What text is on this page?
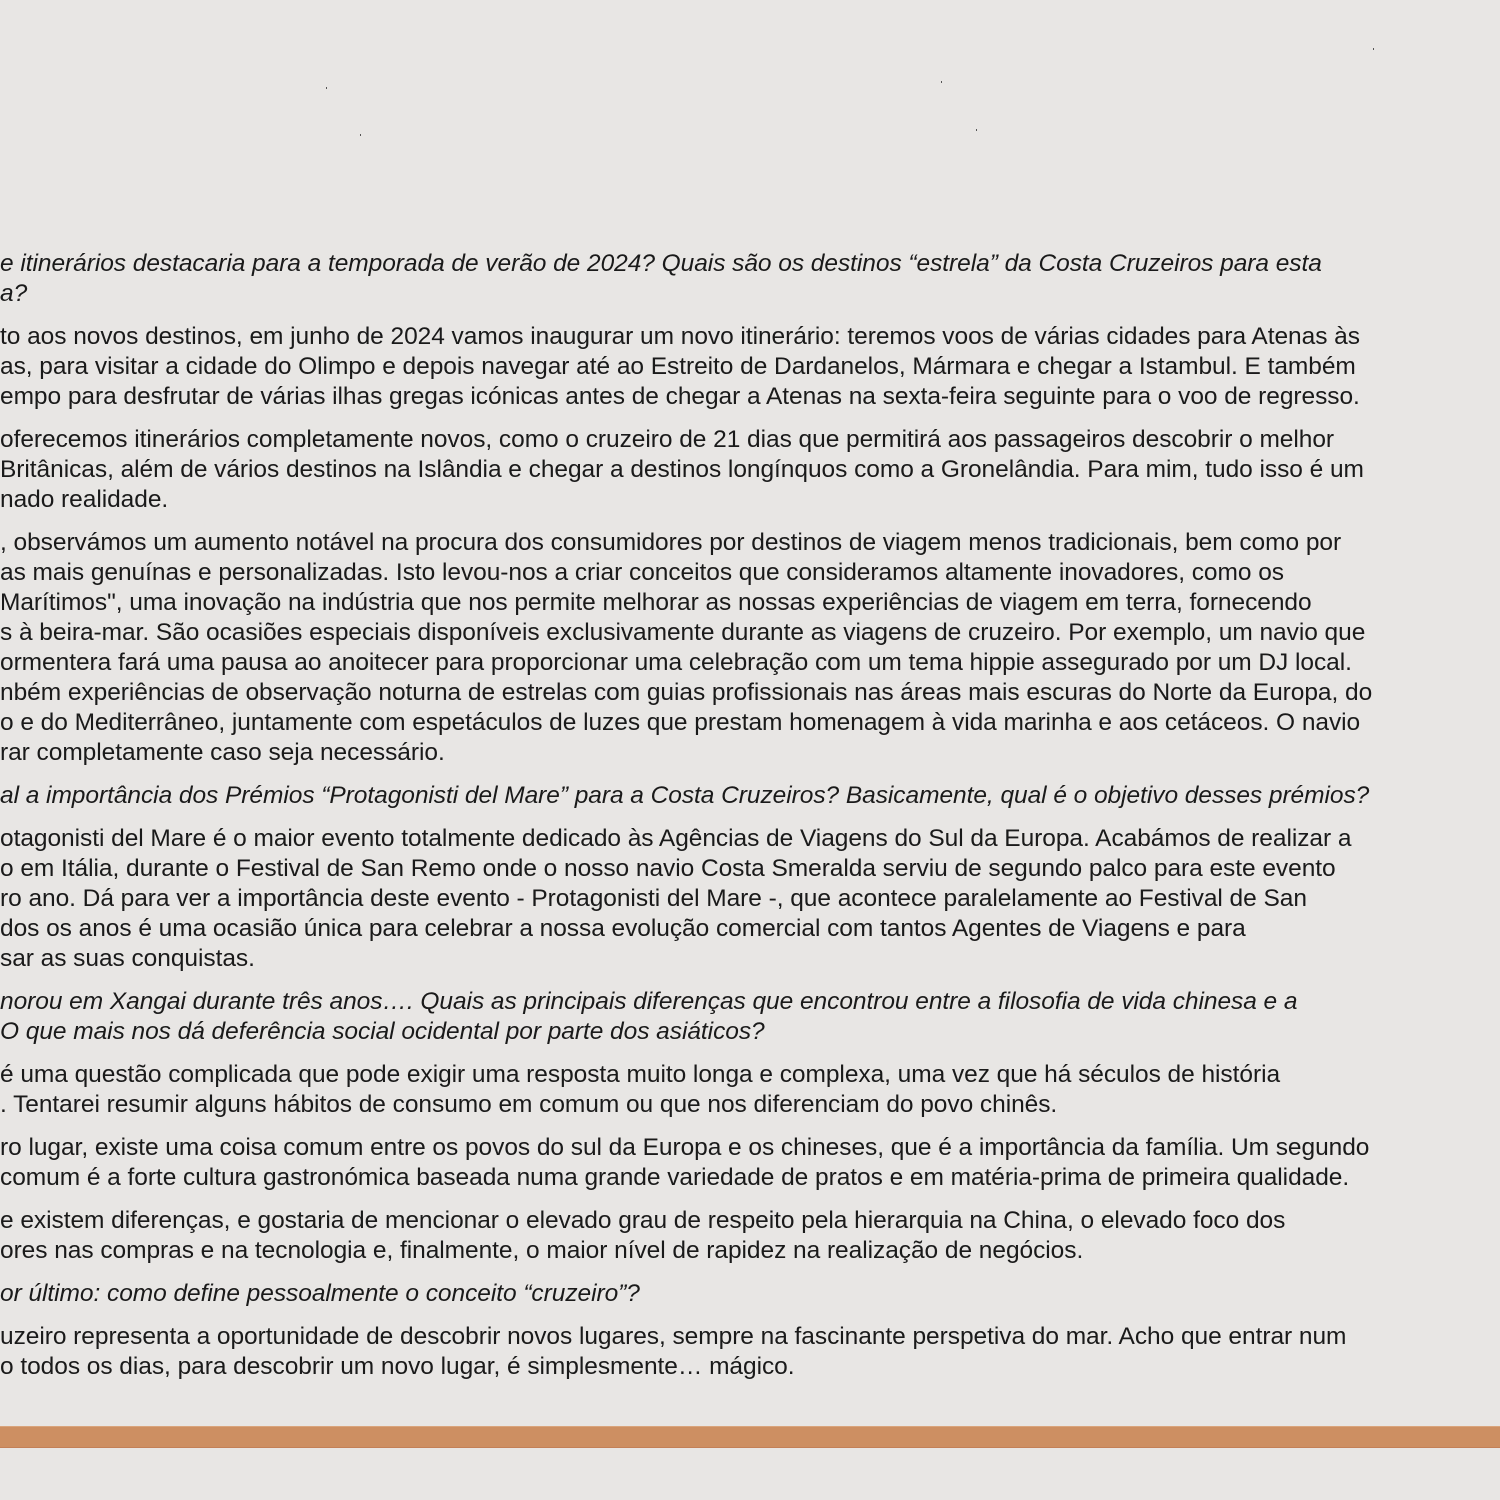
e itinerários destacaria para a temporada de verão de 2024? Quais são os destinos “estrela” da Costa Cruzeiros para esta
a?
to aos novos destinos, em junho de 2024 vamos inaugurar um novo itinerário: teremos voos de várias cidades para Atenas às
as, para visitar a cidade do Olimpo e depois navegar até ao Estreito de Dardanelos, Mármara e chegar a Istambul. E também
empo para desfrutar de várias ilhas gregas icónicas antes de chegar a Atenas na sexta-feira seguinte para o voo de regresso.
oferecemos itinerários completamente novos, como o cruzeiro de 21 dias que permitirá aos passageiros descobrir o melhor
Britânicas, além de vários destinos na Islândia e chegar a destinos longínquos como a Gronelândia. Para mim, tudo isso é um
nado realidade.
, observámos um aumento notável na procura dos consumidores por destinos de viagem menos tradicionais, bem como por
as mais genuínas e personalizadas. Isto levou-nos a criar conceitos que consideramos altamente inovadores, como os
Marítimos", uma inovação na indústria que nos permite melhorar as nossas experiências de viagem em terra, fornecendo
s à beira-mar. São ocasiões especiais disponíveis exclusivamente durante as viagens de cruzeiro. Por exemplo, um navio que
ormentera fará uma pausa ao anoitecer para proporcionar uma celebração com um tema hippie assegurado por um DJ local.
nbém experiências de observação noturna de estrelas com guias profissionais nas áreas mais escuras do Norte da Europa, do
o e do Mediterrâneo, juntamente com espetáculos de luzes que prestam homenagem à vida marinha e aos cetáceos. O navio
rar completamente caso seja necessário.
al a importância dos Prémios “Protagonisti del Mare” para a Costa Cruzeiros? Basicamente, qual é o objetivo desses prémios?
otagonisti del Mare é o maior evento totalmente dedicado às Agências de Viagens do Sul da Europa. Acabámos de realizar a
o em Itália, durante o Festival de San Remo onde o nosso navio Costa Smeralda serviu de segundo palco para este evento
ro ano. Dá para ver a importância deste evento - Protagonisti del Mare -, que acontece paralelamente ao Festival de San
dos os anos é uma ocasião única para celebrar a nossa evolução comercial com tantos Agentes de Viagens e para
sar as suas conquistas.
norou em Xangai durante três anos…. Quais as principais diferenças que encontrou entre a filosofia de vida chinesa e a
O que mais nos dá deferência social ocidental por parte dos asiáticos?
é uma questão complicada que pode exigir uma resposta muito longa e complexa, uma vez que há séculos de história
. Tentarei resumir alguns hábitos de consumo em comum ou que nos diferenciam do povo chinês.
ro lugar, existe uma coisa comum entre os povos do sul da Europa e os chineses, que é a importância da família. Um segundo
comum é a forte cultura gastronómica baseada numa grande variedade de pratos e em matéria-prima de primeira qualidade.
e existem diferenças, e gostaria de mencionar o elevado grau de respeito pela hierarquia na China, o elevado foco dos
ores nas compras e na tecnologia e, finalmente, o maior nível de rapidez na realização de negócios.
or último: como define pessoalmente o conceito “cruzeiro”?
uzeiro representa a oportunidade de descobrir novos lugares, sempre na fascinante perspetiva do mar. Acho que entrar num
o todos os dias, para descobrir um novo lugar, é simplesmente… mágico.
